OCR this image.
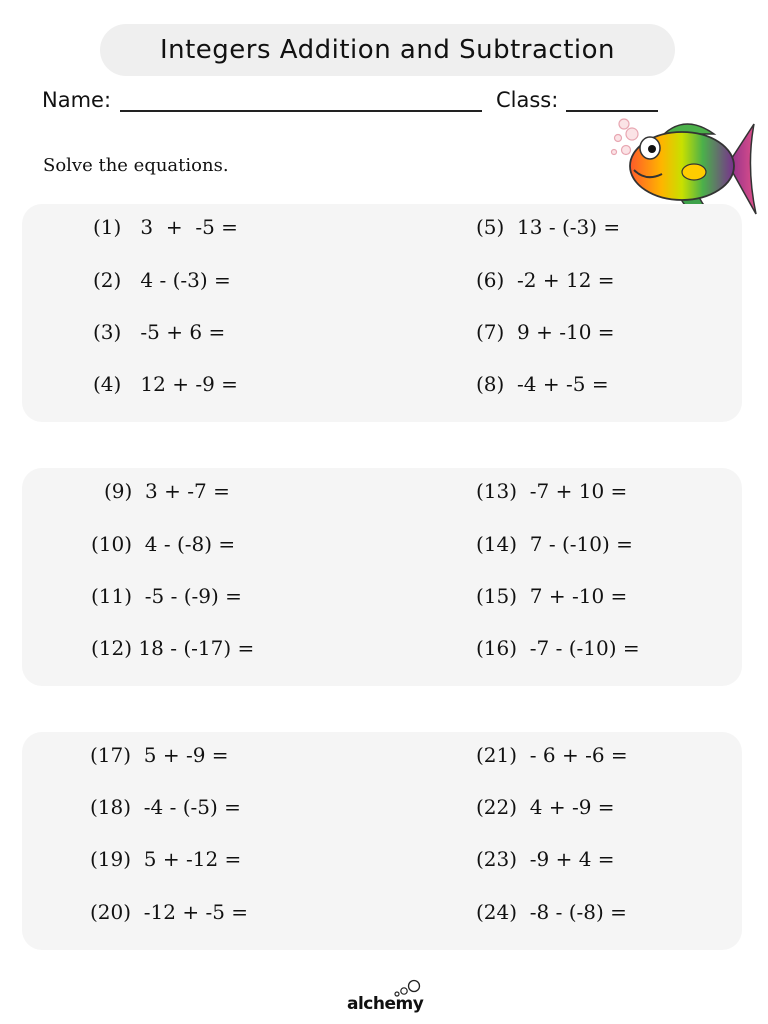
Integers Addition and Subtraction
Name:	Class:
Solve the equations.
(1)   3  +  -5 =
(2)   4 - (-3) =
(3)   -5 + 6 =
(4)   12 + -9 =
(5)  13 - (-3) =
(6)  -2 + 12 =
(7)  9 + -10 =
(8)  -4 + -5 =
(9)  3 + -7 =
(10)  4 - (-8) =
(11)  -5 - (-9) =
(12) 18 - (-17) =
(13)  -7 + 10 =
(14)  7 - (-10) =
(15)  7 + -10 =
(16)  -7 - (-10) =
(17)  5 + -9 =
(18)  -4 - (-5) =
(19)  5 + -12 =
(20)  -12 + -5 =
(21)  - 6 + -6 =
(22)  4 + -9 =
(23)  -9 + 4 =
(24)  -8 - (-8) =
alchemy
